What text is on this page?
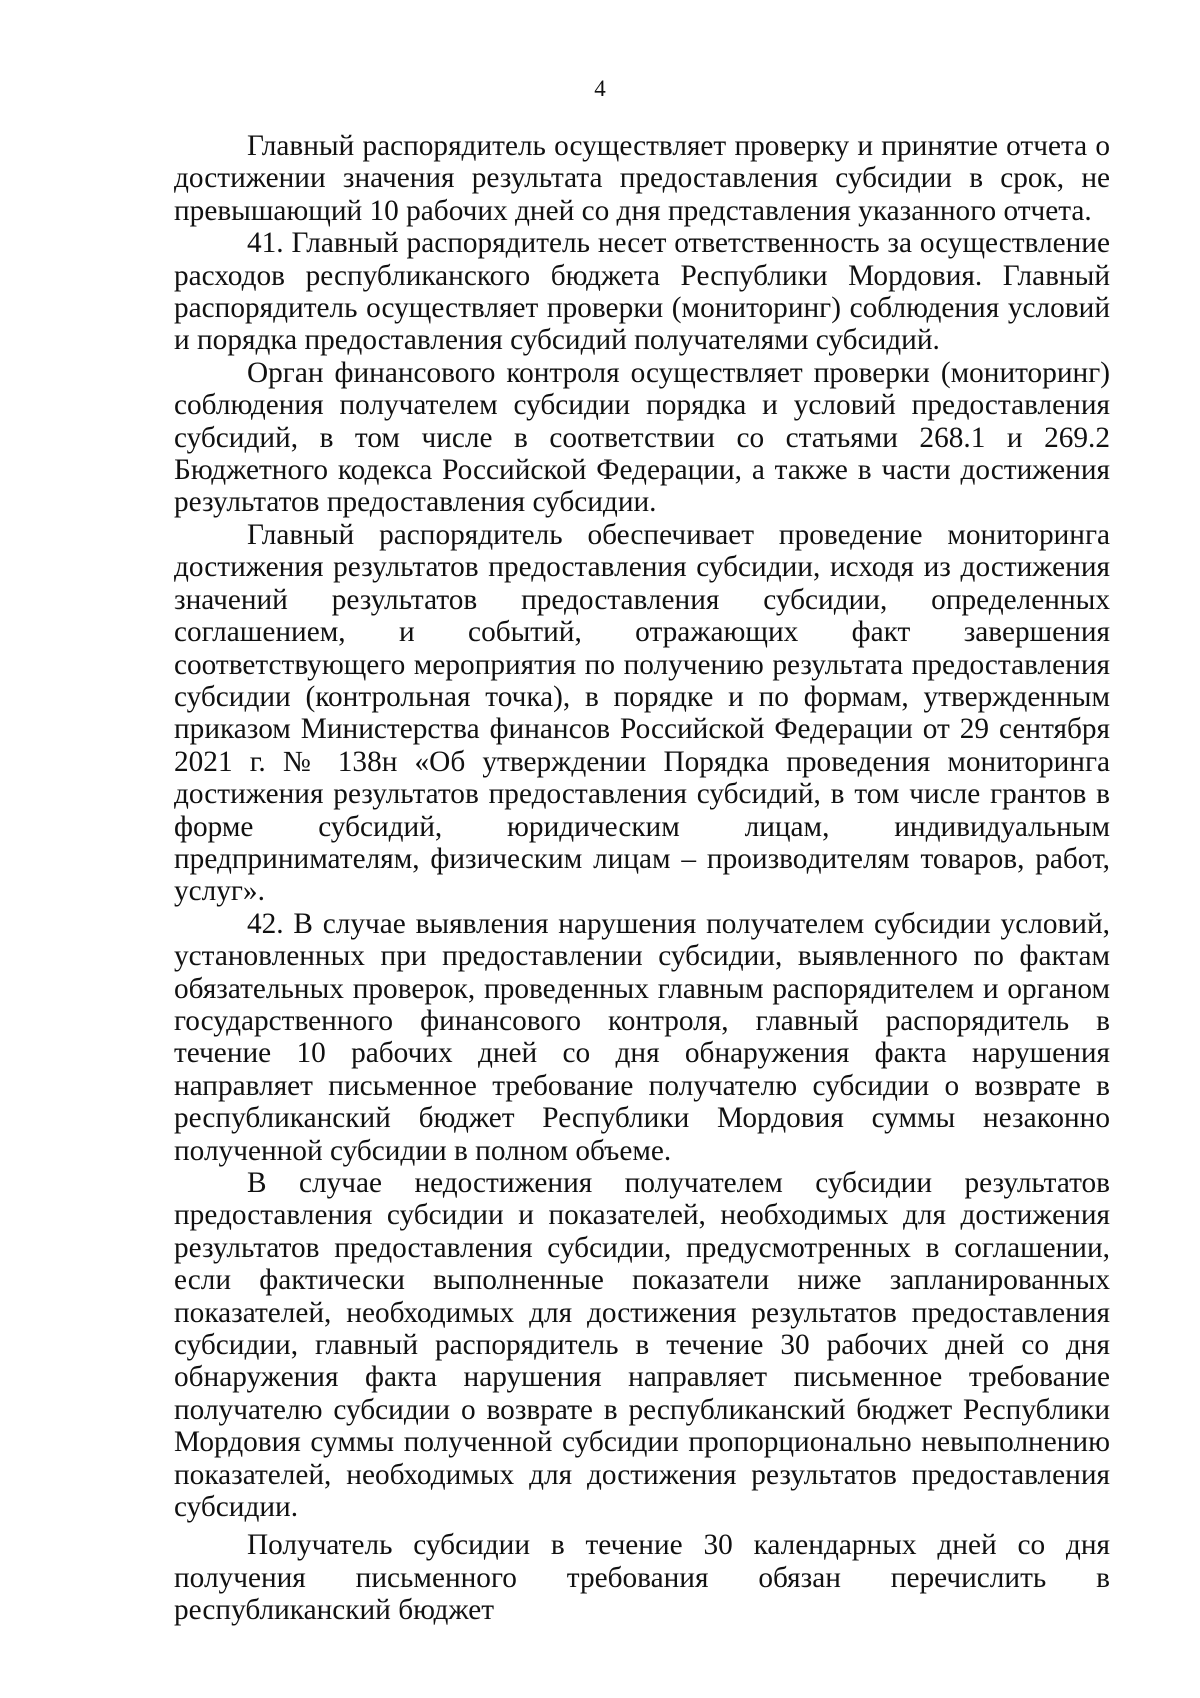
4

Главный распорядитель осуществляет проверку и принятие отчета о достижении значения результата предоставления субсидии в срок, не превышающий 10 рабочих дней со дня представления указанного отчета.

41. Главный распорядитель несет ответственность за осуществление расходов республиканского бюджета Республики Мордовия. Главный распорядитель осуществляет проверки (мониторинг) соблюдения условий и порядка предоставления субсидий получателями субсидий.

Орган финансового контроля осуществляет проверки (мониторинг) соблюдения получателем субсидии порядка и условий предоставления субсидий, в том числе в соответствии со статьями 268.1 и 269.2 Бюджетного кодекса Российской Федерации, а также в части достижения результатов предоставления субсидии.

Главный распорядитель обеспечивает проведение мониторинга достижения результатов предоставления субсидии, исходя из достижения значений результатов предоставления субсидии, определенных соглашением, и событий, отражающих факт завершения соответствующего мероприятия по получению результата предоставления субсидии (контрольная точка), в порядке и по формам, утвержденным приказом Министерства финансов Российской Федерации от 29 сентября 2021 г. № 138н «Об утверждении Порядка проведения мониторинга достижения результатов предоставления субсидий, в том числе грантов в форме субсидий, юридическим лицам, индивидуальным предпринимателям, физическим лицам – производителям товаров, работ, услуг».

42. В случае выявления нарушения получателем субсидии условий, установленных при предоставлении субсидии, выявленного по фактам обязательных проверок, проведенных главным распорядителем и органом государственного финансового контроля, главный распорядитель в течение 10 рабочих дней со дня обнаружения факта нарушения направляет письменное требование получателю субсидии о возврате в республиканский бюджет Республики Мордовия суммы незаконно полученной субсидии в полном объеме.

В случае недостижения получателем субсидии результатов предоставления субсидии и показателей, необходимых для достижения результатов предоставления субсидии, предусмотренных в соглашении, если фактически выполненные показатели ниже запланированных показателей, необходимых для достижения результатов предоставления субсидии, главный распорядитель в течение 30 рабочих дней со дня обнаружения факта нарушения направляет письменное требование получателю субсидии о возврате в республиканский бюджет Республики Мордовия суммы полученной субсидии пропорционально невыполнению показателей, необходимых для достижения результатов предоставления субсидии.

Получатель субсидии в течение 30 календарных дней со дня получения письменного требования обязан перечислить в республиканский бюджет
